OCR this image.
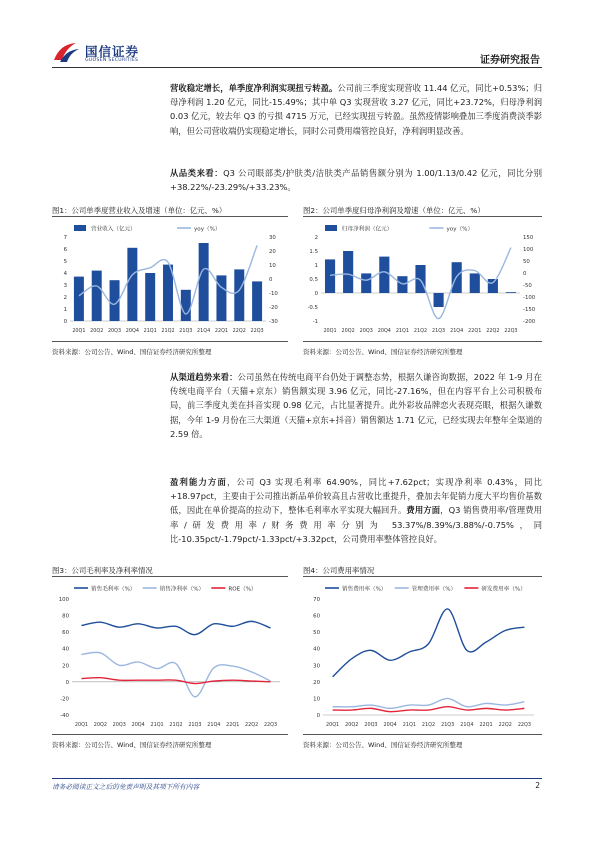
国信证券
GUOSEN SECURITIES	证券研究报告

营收稳定增长，单季度净利润实现扭亏转盈。公司前三季度实现营收 11.44 亿元，同比+0.53%；归母净利润 1.20 亿元，同比-15.49%；其中单 Q3 实现营收 3.27 亿元，同比+23.72%，归母净利润 0.03 亿元，较去年 Q3 的亏损 4715 万元，已经实现扭亏转盈。虽然疫情影响叠加三季度消费淡季影响，但公司营收端仍实现稳定增长，同时公司费用端管控良好，净利润明显改善。

从品类来看：Q3 公司眼部类/护肤类/洁肤类产品销售额分别为 1.00/1.13/0.42 亿元，同比分别+38.22%/-23.29%/+33.23%。

图1：公司单季度营业收入及增速（单位：亿元、%）
营业收入（亿元）	yoy（%）
0
1
2
3
4
5
6
7
-30
-20
-10
0
10
20
30
20Q1 20Q2 20Q3 20Q4 21Q1 21Q2 21Q3 21Q4 22Q1 22Q2 22Q3
资料来源：公司公告、Wind、国信证券经济研究所整理
图2：公司单季度归母净利润及增速（单位：亿元、%）
归母净利润（亿元）	yoy（%）
-1
-0.5
0
0.5
1
1.5
2
-200
-150
-100
-50
0
50
100
150
20Q1 20Q2 20Q3 20Q4 21Q1 21Q2 21Q3 21Q4 22Q1 22Q2 22Q3
资料来源：公司公告、Wind、国信证券经济研究所整理

从渠道趋势来看：公司虽然在传统电商平台仍处于调整态势，根据久谦咨询数据，2022 年 1-9 月在传统电商平台（天猫+京东）销售额实现 3.96 亿元，同比-27.16%，但在内容平台上公司积极布局，前三季度丸美在抖音实现 0.98 亿元，占比显著提升。此外彩妆品牌恋火表现亮眼，根据久谦数据，今年 1-9 月份在三大渠道（天猫+京东+抖音）销售额达 1.71 亿元，已经实现去年整年全渠道的 2.59 倍。

盈利能力方面，公司 Q3 实现毛利率 64.90%，同比+7.62pct；实现净利率 0.43%，同比+18.97pct，主要由于公司推出新品单价较高且占营收比重提升，叠加去年促销力度大平均售价基数低，因此在单价提高的拉动下，整体毛利率水平实现大幅回升。费用方面，Q3 销售费用率/管理费用率/研发费用率/财务费用率分别为 53.37%/8.39%/3.88%/-0.75%，同比-10.35pct/-1.79pct/-1.33pct/+3.32pct，公司费用率整体管控良好。

图3：公司毛利率及净利率情况
销售毛利率（%）	销售净利率（%）	ROE（%）
-40
-20
0
20
40
60
80
100
20Q1 20Q2 20Q3 20Q4 21Q1 21Q2 21Q3 21Q4 22Q1 22Q2 22Q3
资料来源：公司公告、Wind、国信证券经济研究所整理
图4：公司费用率情况
销售费用率（%）	管理费用率（%）	研发费用率（%）
0
10
20
30
40
50
60
70
20Q1 20Q2 20Q3 20Q4 21Q1 21Q2 21Q3 21Q4 22Q1 22Q2 22Q3
资料来源：公司公告、Wind、国信证券经济研究所整理
请务必阅读正文之后的免责声明及其项下所有内容	2
